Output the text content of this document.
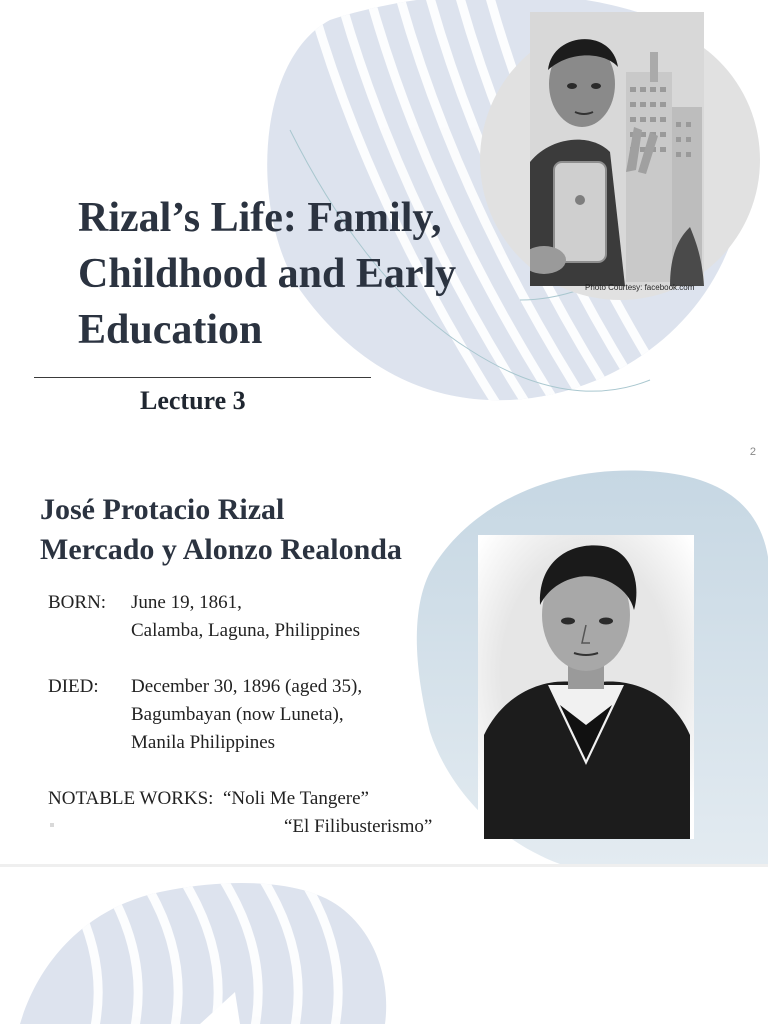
Rizal’s Life: Family,
Childhood and Early
Education
Lecture 3
Photo Courtesy: facebook.com
2
José Protacio Rizal
Mercado y Alonzo Realonda
BORN: June 19, 1861,
Calamba, Laguna, Philippines
DIED: December 30, 1896 (aged 35),
Bagumbayan (now Luneta),
Manila Philippines
NOTABLE WORKS: “Noli Me Tangere”
“El Filibusterismo”
